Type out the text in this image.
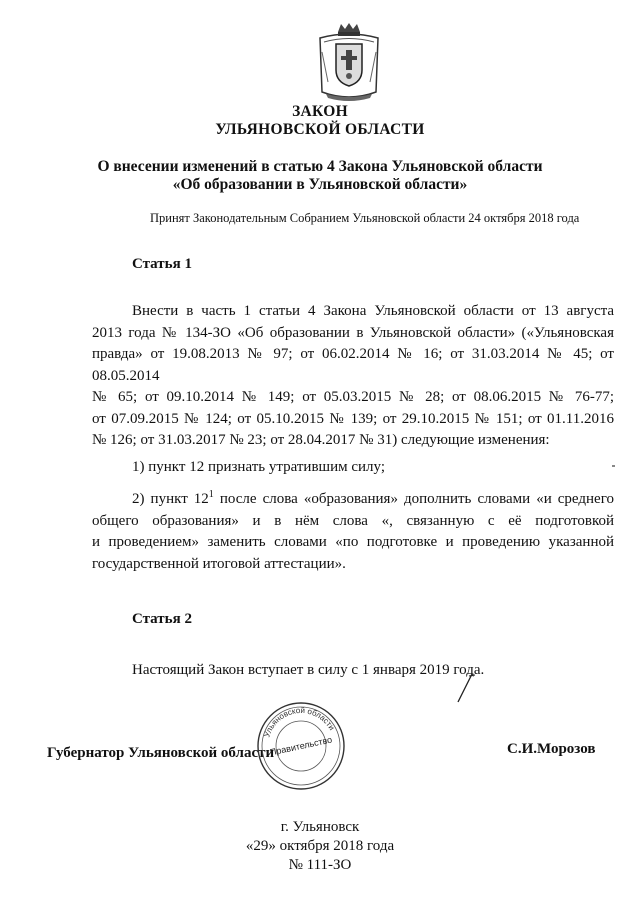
ЗАКОН
УЛЬЯНОВСКОЙ ОБЛАСТИ
О внесении изменений в статью 4 Закона Ульяновской области
«Об образовании в Ульяновской области»
Принят Законодательным Собранием Ульяновской области 24 октября 2018 года
Статья 1
Внести в часть 1 статьи 4 Закона Ульяновской области от 13 августа
2013 года № 134-ЗО «Об образовании в Ульяновской области» («Ульяновская
правда» от 19.08.2013 № 97; от 06.02.2014 № 16; от 31.03.2014 № 45; от 08.05.2014
№ 65; от 09.10.2014 № 149; от 05.03.2015 № 28; от 08.06.2015 № 76-77;
от 07.09.2015 № 124; от 05.10.2015 № 139; от 29.10.2015 № 151; от 01.11.2016
№ 126; от 31.03.2017 № 23; от 28.04.2017 № 31) следующие изменения:
1) пункт 12 признать утратившим силу;
2) пункт $12^1$ после слова «образования» дополнить словами «и среднего
общего образования» и в нём слова «, связанную с её подготовкой
и проведением» заменить словами «по подготовке и проведению указанной
государственной итоговой аттестации».
Статья 2
Настоящий Закон вступает в силу с 1 января 2019 года.
Губернатор Ульяновской области	С.И.Морозов
Ульяновской области
Правительство
г. Ульяновск
«29» октября 2018 года
№ 111-ЗО
